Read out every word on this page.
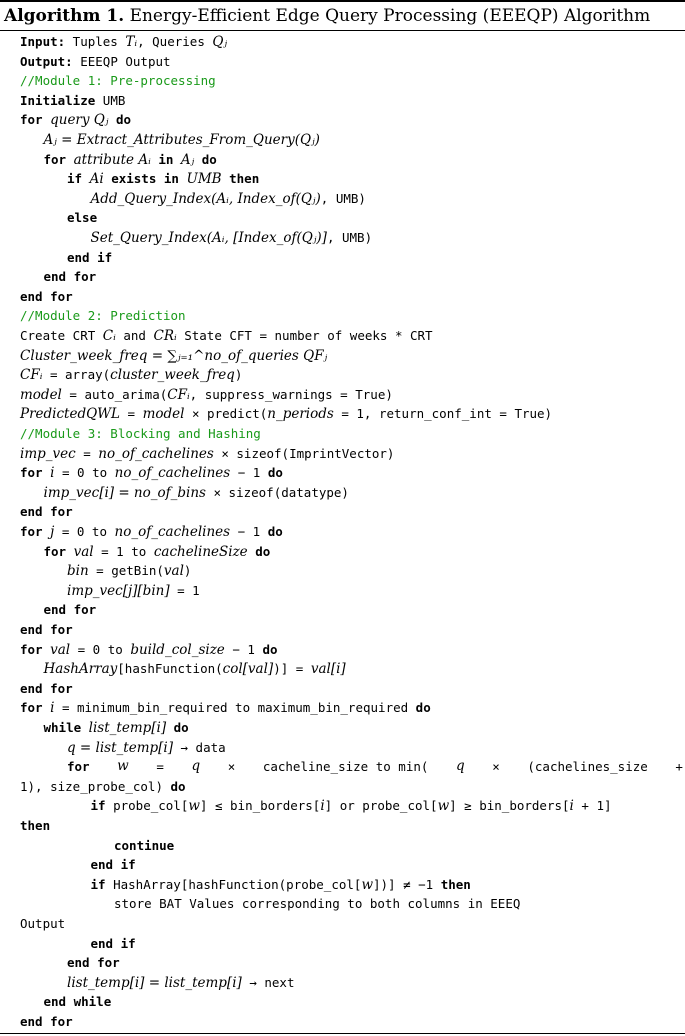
Algorithm 1. Energy-Efficient Edge Query Processing (EEEQP) Algorithm
Input: Tuples Tᵢ, Queries Qⱼ
Output: EEEQP Output
//Module 1: Pre-processing
Initialize UMB
for query Qⱼ do
Aⱼ = Extract_Attributes_From_Query(Qⱼ)
for attribute Aᵢ in Aⱼ do
if Ai exists in UMB then
Add_Query_Index(Aᵢ, Index_of(Qⱼ), UMB)
else
Set_Query_Index(Aᵢ, [Index_of(Qⱼ)], UMB)
end if
end for
end for
//Module 2: Prediction
Create CRT Cᵢ and CRᵢ State CFT = number of weeks * CRT
Cluster_week_freq = ∑ⱼ₌₁^no_of_queries QFⱼ
CFᵢ = array(cluster_week_freq)
model = auto_arima(CFᵢ, suppress_warnings = True)
PredictedQWL = model × predict(n_periods = 1, return_conf_int = True)
//Module 3: Blocking and Hashing
imp_vec = no_of_cachelines × sizeof(ImprintVector)
for i = 0 to no_of_cachelines − 1 do
imp_vec[i] = no_of_bins × sizeof(datatype)
end for
for j = 0 to no_of_cachelines − 1 do
for val = 1 to cachelineSize do
bin = getBin(val)
imp_vec[j][bin] = 1
end for
end for
for val = 0 to build_col_size − 1 do
HashArray[hashFunction(col[val])] = val[i]
end for
for i = minimum_bin_required to maximum_bin_required do
while list_temp[i] do
q = list_temp[i] → data
for w = q × cacheline_size to min( q × (cachelines_size +
1), size_probe_col) do
if probe_col[w] ≤ bin_borders[i] or probe_col[w] ≥ bin_borders[i + 1]
then
continue
end if
if HashArray[hashFunction(probe_col[w])] ≠ −1 then
store BAT Values corresponding to both columns in EEEQ
Output
end if
end for
list_temp[i] = list_temp[i] → next
end while
end for
